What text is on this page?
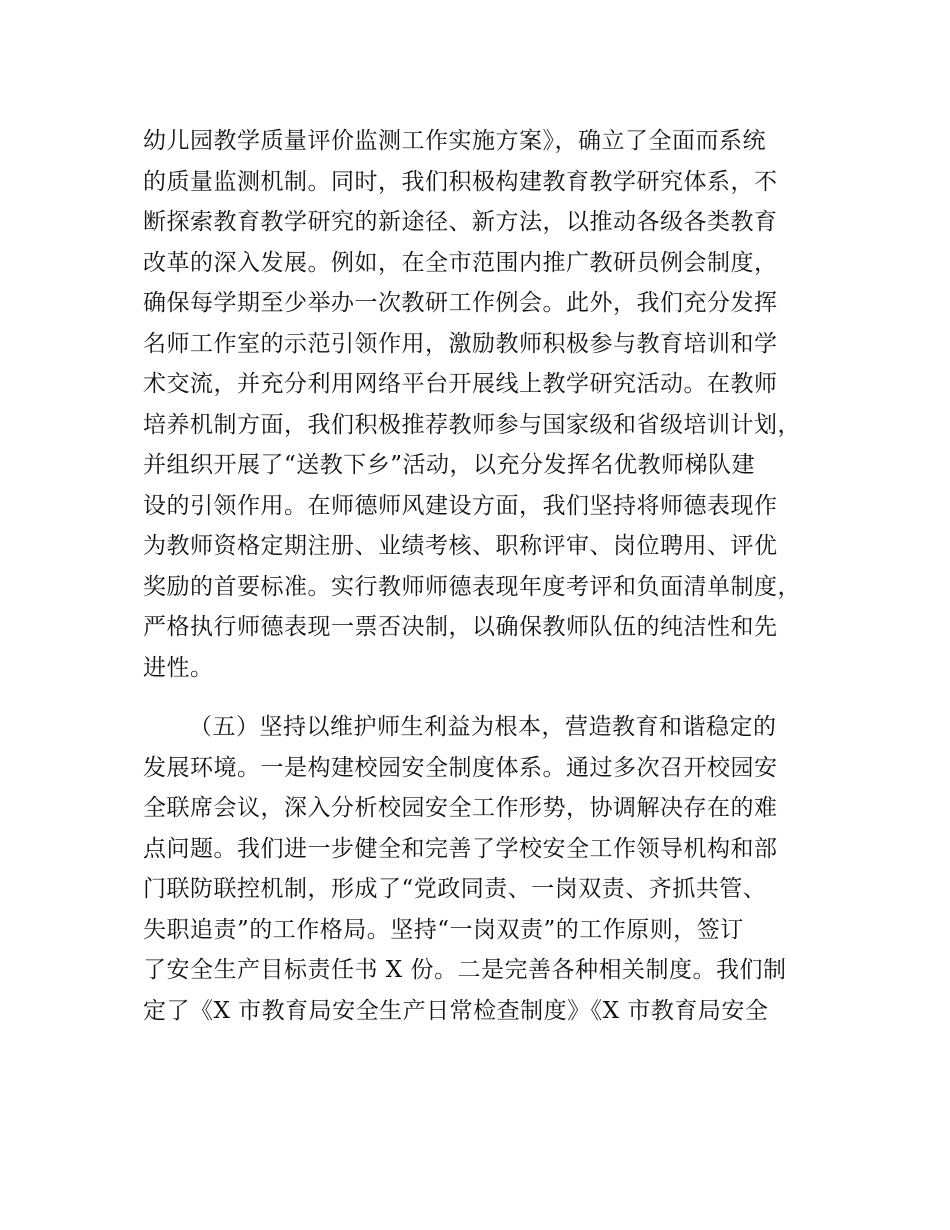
幼儿园教学质量评价监测工作实施方案》，确立了全面而系统
的质量监测机制。同时，我们积极构建教育教学研究体系，不
断探索教育教学研究的新途径、新方法，以推动各级各类教育
改革的深入发展。例如，在全市范围内推广教研员例会制度，
确保每学期至少举办一次教研工作例会。此外，我们充分发挥
名师工作室的示范引领作用，激励教师积极参与教育培训和学
术交流，并充分利用网络平台开展线上教学研究活动。在教师
培养机制方面，我们积极推荐教师参与国家级和省级培训计划，
并组织开展了“送教下乡”活动，以充分发挥名优教师梯队建
设的引领作用。在师德师风建设方面，我们坚持将师德表现作
为教师资格定期注册、业绩考核、职称评审、岗位聘用、评优
奖励的首要标准。实行教师师德表现年度考评和负面清单制度，
严格执行师德表现一票否决制，以确保教师队伍的纯洁性和先
进性。
（五）坚持以维护师生利益为根本，营造教育和谐稳定的
发展环境。一是构建校园安全制度体系。通过多次召开校园安
全联席会议，深入分析校园安全工作形势，协调解决存在的难
点问题。我们进一步健全和完善了学校安全工作领导机构和部
门联防联控机制，形成了“党政同责、一岗双责、齐抓共管、
失职追责”的工作格局。坚持“一岗双责”的工作原则，签订
了安全生产目标责任书 X 份。二是完善各种相关制度。我们制
定了《X 市教育局安全生产日常检查制度》《X 市教育局安全
